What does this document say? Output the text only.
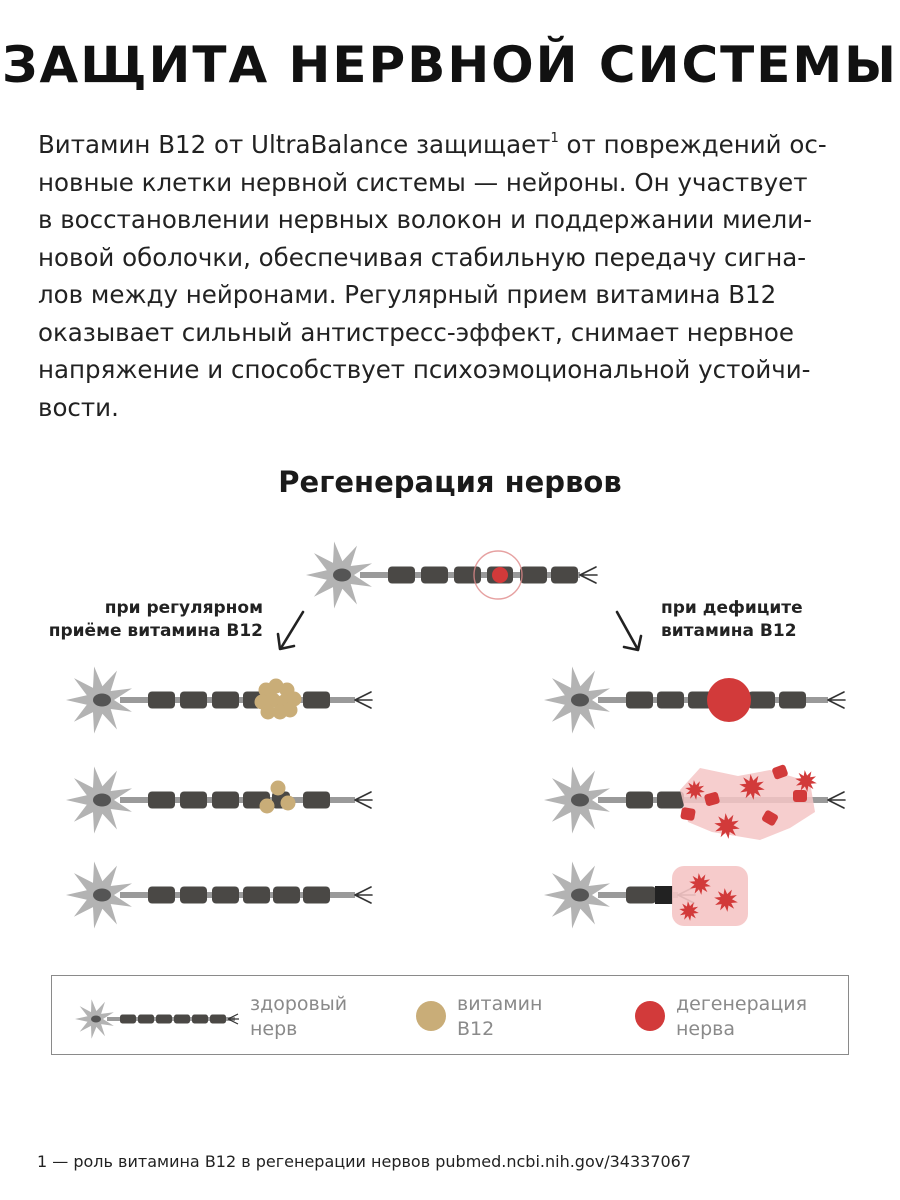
ЗАЩИТА НЕРВНОЙ СИСТЕМЫ
Витамин B12 от UltraBalance защищает$^1$ от повреждений ос-
новные клетки нервной системы — нейроны. Он участвует
в восстановлении нервных волокон и поддержании миели-
новой оболочки, обеспечивая стабильную передачу сигна-
лов между нейронами. Регулярный прием витамина B12
оказывает сильный антистресс-эффект, снимает нервное
напряжение и способствует психоэмоциональной устойчи-
вости.
Регенерация нервов
при регулярном
приёме витамина B12
при дефиците
витамина B12
здоровый
нерв
витамин
B12
дегенерация
нерва
1 — роль витамина B12 в регенерации нервов pubmed.ncbi.nih.gov/34337067
